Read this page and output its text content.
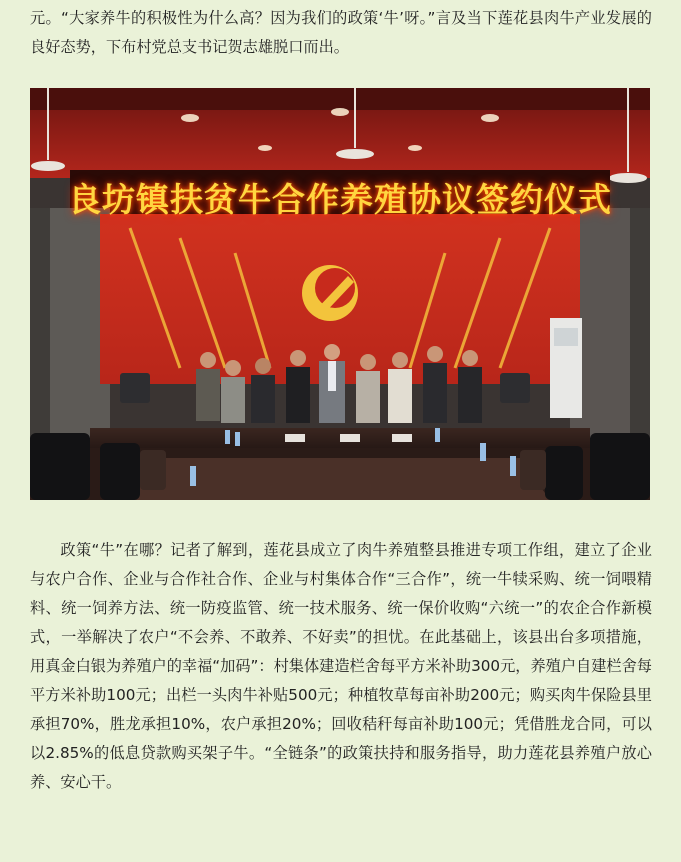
元。“大家养牛的积极性为什么高？因为我们的政策‘牛’呀。”言及当下莲花县肉牛产业发展的良好态势，下布村党总支书记贺志雄脱口而出。

良坊镇扶贫牛合作养殖协议签约仪式

政策“牛”在哪？记者了解到，莲花县成立了肉牛养殖整县推进专项工作组，建立了企业与农户合作、企业与合作社合作、企业与村集体合作“三合作”，统一牛犊采购、统一饲喂精料、统一饲养方法、统一防疫监管、统一技术服务、统一保价收购“六统一”的农企合作新模式，一举解决了农户“不会养、不敢养、不好卖”的担忧。在此基础上，该县出台多项措施，用真金白银为养殖户的幸福“加码”：村集体建造栏舍每平方米补助300元，养殖户自建栏舍每平方米补助100元；出栏一头肉牛补贴500元；种植牧草每亩补助200元；购买肉牛保险县里承担70%，胜龙承担10%，农户承担20%；回收秸秆每亩补助100元；凭借胜龙合同，可以以2.85%的低息贷款购买架子牛。“全链条”的政策扶持和服务指导，助力莲花县养殖户放心养、安心干。
